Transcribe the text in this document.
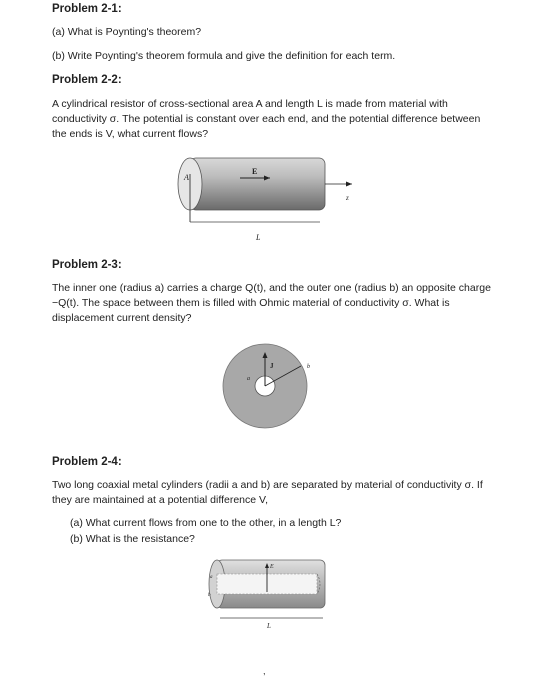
Problem 2-1:
(a) What is Poynting's theorem?
(b) Write Poynting's theorem formula and give the definition for each term.
Problem 2-2:
A cylindrical resistor of cross-sectional area A and length L is made from material with
conductivity σ. The potential is constant over each end, and the potential difference between
the ends is V, what current flows?
A
E
z
L
Problem 2-3:
The inner one (radius a) carries a charge Q(t), and the outer one (radius b) an opposite charge
−Q(t). The space between them is filled with Ohmic material of conductivity σ. What is
displacement current density?
J
a
b
Problem 2-4:
Two long coaxial metal cylinders (radii a and b) are separated by material of conductivity σ. If
they are maintained at a potential difference V,
(a) What current flows from one to the other, in a length L?
(b) What is the resistance?
E
a
b
L
,
